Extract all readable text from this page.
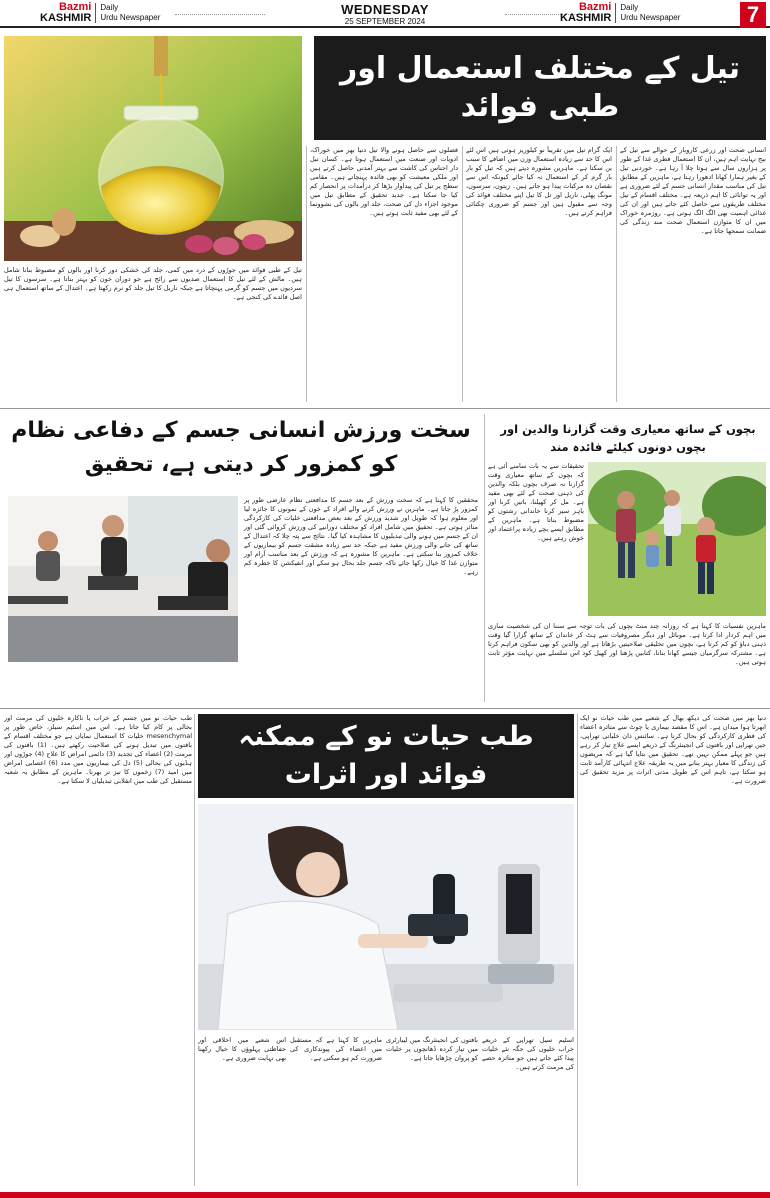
Bazmi
KASHMIR
Daily
Urdu Newspaper
WEDNESDAY
25 SEPTEMBER 2024
Bazmi
KASHMIR
Daily
Urdu Newspaper	7
تیل کے مختلف استعمال اور طبی فوائد
انسانی صحت اور زرعی کاروبار کے حوالے سے تیل کے بیج نہایت اہم ہیں، ان کا استعمال فطری غذا کے طور پر ہزاروں سال سے ہوتا چلا آ رہا ہے۔ خوردنی تیل کے بغیر ہمارا کھانا ادھورا رہتا ہے، ماہرین کے مطابق تیل کی مناسب مقدار انسانی جسم کے لئے ضروری ہے اور یہ توانائی کا اہم ذریعہ ہے۔ مختلف اقسام کے تیل مختلف طریقوں سے حاصل کئے جاتے ہیں اور ان کی غذائی اہمیت بھی الگ الگ ہوتی ہے۔ روزمرہ خوراک میں ان کا متوازن استعمال صحت مند زندگی کی ضمانت سمجھا جاتا ہے۔
ایک گرام تیل میں تقریباً نو کیلوریز ہوتی ہیں اس لئے اس کا حد سے زیادہ استعمال وزن میں اضافے کا سبب بن سکتا ہے۔ ماہرین مشورہ دیتے ہیں کہ تیل کو بار بار گرم کر کے استعمال نہ کیا جائے کیونکہ اس سے نقصان دہ مرکبات پیدا ہو جاتے ہیں۔ زیتون، سرسوں، مونگ پھلی، ناریل اور تل کا تیل اپنے مختلف فوائد کی وجہ سے مقبول ہیں اور جسم کو ضروری چکنائی فراہم کرتے ہیں۔
فصلوں سے حاصل ہونے والا تیل دنیا بھر میں خوراک، ادویات اور صنعت میں استعمال ہوتا ہے۔ کسان تیل دار اجناس کی کاشت سے بہتر آمدنی حاصل کرتے ہیں اور ملکی معیشت کو بھی فائدہ پہنچاتے ہیں۔ مقامی سطح پر تیل کی پیداوار بڑھا کر درآمدات پر انحصار کم کیا جا سکتا ہے۔ جدید تحقیق کے مطابق تیل میں موجود اجزاء دل کی صحت، جلد اور بالوں کی نشوونما کے لئے بھی مفید ثابت ہوتے ہیں۔
تیل کے طبی فوائد میں جوڑوں کے درد میں کمی، جلد کی خشکی دور کرنا اور بالوں کو مضبوط بنانا شامل ہیں۔ مالش کے لئے تیل کا استعمال صدیوں سے رائج ہے جو دوران خون کو بہتر بناتا ہے۔ سرسوں کا تیل سردیوں میں جسم کو گرمی پہنچاتا ہے جبکہ ناریل کا تیل جلد کو نرم رکھتا ہے۔ اعتدال کے ساتھ استعمال ہی اصل فائدے کی کنجی ہے۔
سخت ورزش انسانی جسم کے دفاعی نظام کو کمزور کر دیتی ہے، تحقیق
محققین کا کہنا ہے کہ سخت ورزش کے بعد جسم کا مدافعتی نظام عارضی طور پر کمزور پڑ جاتا ہے۔ ماہرین نے ورزش کرنے والے افراد کے خون کے نمونوں کا جائزہ لیا اور معلوم ہوا کہ طویل اور شدید ورزش کے بعد بعض مدافعتی خلیات کی کارکردگی متاثر ہوتی ہے۔ تحقیق میں شامل افراد کو مختلف دورانیے کی ورزش کروائی گئی اور ان کے جسم میں ہونے والی تبدیلیوں کا مشاہدہ کیا گیا۔ نتائج سے پتہ چلا کہ اعتدال کے ساتھ کی جانے والی ورزش مفید ہے جبکہ حد سے زیادہ مشقت جسم کو بیماریوں کے خلاف کمزور بنا سکتی ہے۔ ماہرین کا مشورہ ہے کہ ورزش کے بعد مناسب آرام اور متوازن غذا کا خیال رکھا جائے تاکہ جسم جلد بحال ہو سکے اور انفیکشن کا خطرہ کم رہے۔
بچوں کے ساتھ معیاری وقت گزارنا والدین اور بچوں دونوں کیلئے فائدہ مند
تحقیقات سے یہ بات سامنے آئی ہے کہ بچوں کے ساتھ معیاری وقت گزارنا نہ صرف بچوں بلکہ والدین کی ذہنی صحت کے لئے بھی مفید ہے۔ مل کر کھیلنا، باتیں کرنا اور باہر سیر کرنا خاندانی رشتوں کو مضبوط بناتا ہے۔ ماہرین کے مطابق ایسے بچے زیادہ پراعتماد اور خوش رہتے ہیں۔
ماہرین نفسیات کا کہنا ہے کہ روزانہ چند منٹ بچوں کی بات توجہ سے سننا ان کی شخصیت سازی میں اہم کردار ادا کرتا ہے۔ موبائل اور دیگر مصروفیات سے ہٹ کر خاندان کے ساتھ گزارا گیا وقت ذہنی دباؤ کو کم کرتا ہے، بچوں میں تخلیقی صلاحیتیں بڑھاتا ہے اور والدین کو بھی سکون فراہم کرتا ہے۔ مشترکہ سرگرمیاں جیسے کھانا بنانا، کتابیں پڑھنا اور کھیل کود اس سلسلے میں نہایت مؤثر ثابت ہوتی ہیں۔
طب حیات نو کے ممکنہ فوائد اور اثرات
طب حیات نو میں جسم کے خراب یا ناکارہ خلیوں کی مرمت اور بحالی پر کام کیا جاتا ہے۔ اس میں اسٹیم سیلز، خاص طور پر mesenchymal خلیات کا استعمال نمایاں ہے جو مختلف اقسام کے بافتوں میں تبدیل ہونے کی صلاحیت رکھتے ہیں۔ (1) بافتوں کی مرمت (2) اعضاء کی تجدید (3) دائمی امراض کا علاج (4) جوڑوں اور ہڈیوں کی بحالی (5) دل کی بیماریوں میں مدد (6) اعصابی امراض میں امید (7) زخموں کا تیز تر بھرنا۔ ماہرین کے مطابق یہ شعبہ مستقبل کی طب میں انقلابی تبدیلیاں لا سکتا ہے۔
دنیا بھر میں صحت کی دیکھ بھال کے شعبے میں طب حیات نو ایک ابھرتا ہوا میدان ہے۔ اس کا مقصد بیماری یا چوٹ سے متاثرہ اعضاء کی فطری کارکردگی کو بحال کرنا ہے۔ سائنس دان خلیاتی تھراپی، جین تھراپی اور بافتوں کی انجینئرنگ کے ذریعے ایسے علاج تیار کر رہے ہیں جو پہلے ممکن نہیں تھے۔ تحقیق میں بتایا گیا ہے کہ مریضوں کی زندگی کا معیار بہتر بنانے میں یہ طریقہ علاج انتہائی کارآمد ثابت ہو سکتا ہے، تاہم اس کے طویل مدتی اثرات پر مزید تحقیق کی ضرورت ہے۔
اسٹیم سیل تھراپی کے ذریعے خراب خلیوں کی جگہ نئے خلیات پیدا کئے جاتے ہیں جو متاثرہ حصے کی مرمت کرتے ہیں۔
بافتوں کی انجینئرنگ میں لیبارٹری میں تیار کردہ ڈھانچوں پر خلیات کو پروان چڑھایا جاتا ہے۔
ماہرین کا کہنا ہے کہ مستقبل میں اعضاء کی پیوندکاری کی ضرورت کم ہو سکتی ہے۔
اس شعبے میں اخلاقی اور حفاظتی پہلوؤں کا خیال رکھنا بھی نہایت ضروری ہے۔
